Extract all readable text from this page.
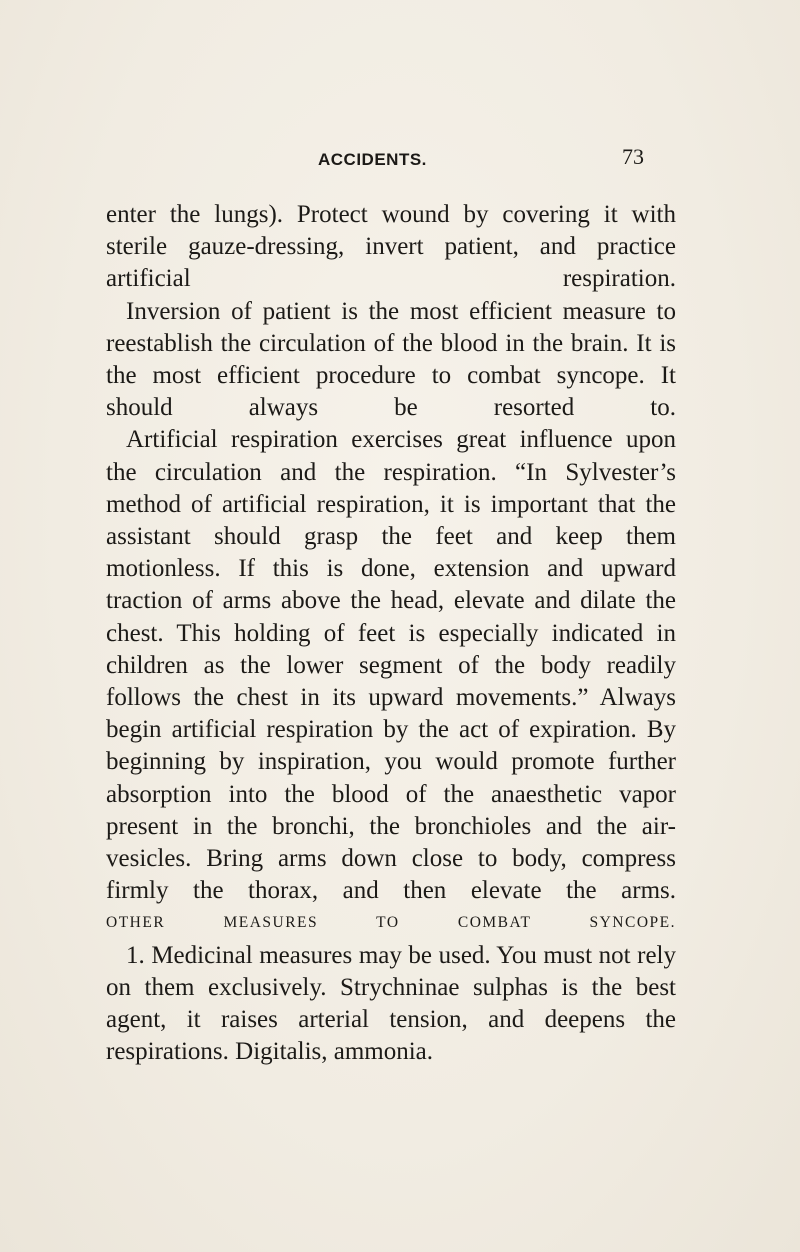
ACCIDENTS.	73

enter the lungs). Protect wound by covering it with sterile gauze-dressing, invert patient, and practice artificial respiration.

Inversion of patient is the most efficient measure to reestablish the circulation of the blood in the brain. It is the most efficient procedure to combat syncope. It should always be resorted to.

Artificial respiration exercises great influence upon the circulation and the respiration. “In Sylvester’s method of artificial respiration, it is important that the assistant should grasp the feet and keep them motionless. If this is done, extension and upward traction of arms above the head, elevate and dilate the chest. This holding of feet is especially indicated in children as the lower segment of the body readily follows the chest in its upward movements.” Always begin artificial respiration by the act of expiration. By beginning by inspiration, you would promote further absorption into the blood of the anaesthetic vapor present in the bronchi, the bronchioles and the air-vesicles. Bring arms down close to body, compress firmly the thorax, and then elevate the arms.

OTHER MEASURES TO COMBAT SYNCOPE.

1. Medicinal measures may be used. You must not rely on them exclusively. Strychninae sulphas is the best agent, it raises arterial tension, and deepens the respirations. Digitalis, ammonia.
